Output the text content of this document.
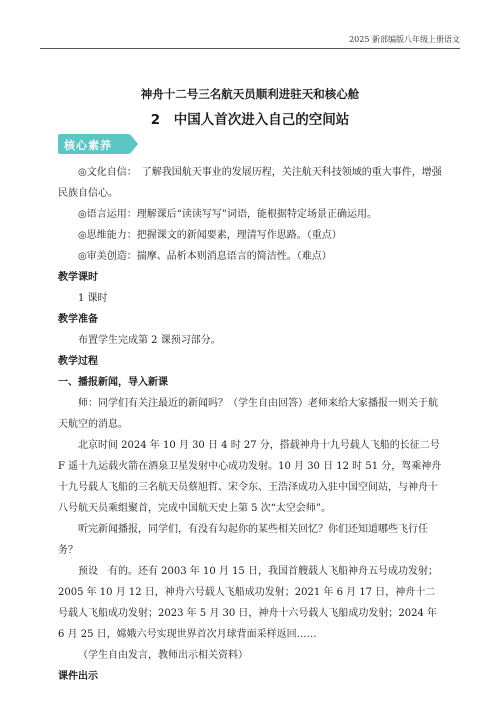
2025 新部编版八年级上册语文
神舟十二号三名航天员顺利进驻天和核心舱
2　中国人首次进入自己的空间站
核心素养

◎文化自信：　了解我国航天事业的发展历程，关注航天科技领域的重大事件，增强民族自信心。

◎语言运用：理解课后“读读写写”词语，能根据特定场景正确运用。

◎思维能力：把握课文的新闻要素，理清写作思路。（重点）

◎审美创造：揣摩、品析本则消息语言的简洁性。（难点）

教学课时

1 课时

教学准备

布置学生完成第 2 课预习部分。

教学过程

一、播报新闻，导入新课

师：同学们有关注最近的新闻吗？（学生自由回答）老师来给大家播报一则关于航天航空的消息。

北京时间 2024 年 10 月 30 日 4 时 27 分，搭载神舟十九号载人飞船的长征二号 F 遥十九运载火箭在酒泉卫星发射中心成功发射。10 月 30 日 12 时 51 分，驾乘神舟十九号载人飞船的三名航天员蔡旭哲、宋令东、王浩泽成功入驻中国空间站，与神舟十八号航天员乘组聚首，完成中国航天史上第 5 次“太空会师”。

听完新闻播报，同学们，有没有勾起你的某些相关回忆？你们还知道哪些飞行任务？

预设　有的。还有 2003 年 10 月 15 日，我国首艘载人飞船神舟五号成功发射；2005 年 10 月 12 日，神舟六号载人飞船成功发射；2021 年 6 月 17 日，神舟十二号载人飞船成功发射；2023 年 5 月 30 日，神舟十六号载人飞船成功发射；2024 年 6 月 25 日，嫦娥六号实现世界首次月球背面采样返回……

（学生自由发言，教师出示相关资料）

课件出示
